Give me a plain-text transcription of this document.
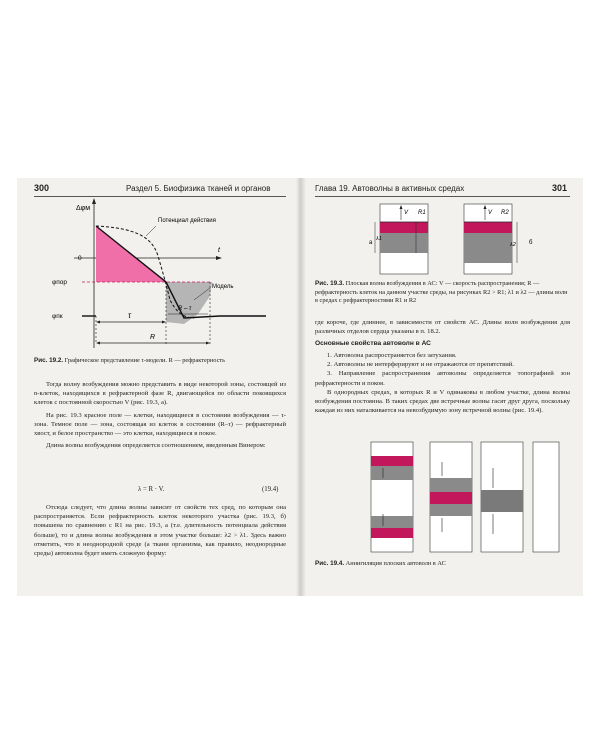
300	Раздел 5. Биофизика тканей и органов
Δφм
0
t
φпор
φпк
Потенциал действия
Модель
τ
R – τ
R
Рис. 19.2. Графическое представление τ-модели. R — рефрактерность

Тогда волну возбуждения можно представить в виде некоторой зоны, состоящей из n-клеток, находящихся в рефрактерной фазе R, двигающейся по области покоящихся клеток с постоянной скоростью V (рис. 19.3, а).

На рис. 19.3 красное поле — клетки, находящиеся в состоянии возбуждения — τ-зона. Темное поле — зона, состоящая из клеток в состоянии (R–τ) — рефрактерный хвост, и белое пространство — это клетки, находящиеся в покое.

Длина волны возбуждения определяется соотношением, введенным Винером:

λ = R · V.	(19.4)

Отсюда следует, что длина волны зависит от свойств тех сред, по которым она распространяется. Если рефрактерность клеток некоторого участка (рис. 19.3, б) повышена по сравнению с R1 на рис. 19.3, а (т.е. длительность потенциала действия больше), то и длина волны возбуждения в этом участке больше: λ2 > λ1. Здесь важно отметить, что в неоднородной среде (а ткани организма, как правило, неоднородные среды) автоволна будет иметь сложную форму:

Глава 19. Автоволны в активных средах	301
а
λ1
V R1
б
λ2
V R2
Рис. 19.3. Плоская волна возбуждения в АС: V — скорость распространения; R — рефрактерность клеток на данном участке среды, на рисунках R2 > R1; λ1 и λ2 — длины волн в средах с рефрактерностями R1 и R2

где короче, где длиннее, в зависимости от свойств АС. Длины волн возбуждения для различных отделов сердца указаны в п. 18.2.

Основные свойства автоволн в АС

1. Автоволна распространяется без затухания.

2. Автоволны не интерферируют и не отражаются от препятствий.

3. Направление распространения автоволны определяется топографией зон рефрактерности и покоя.

В однородных средах, в которых R и V одинаковы в любом участке, длина волны возбуждения постоянна. В таких средах две встречные волны гасят друг друга, поскольку каждая из них наталкивается на невозбудимую зону встречной волны (рис. 19.4).

Рис. 19.4. Аннигиляция плоских автоволн в АС
